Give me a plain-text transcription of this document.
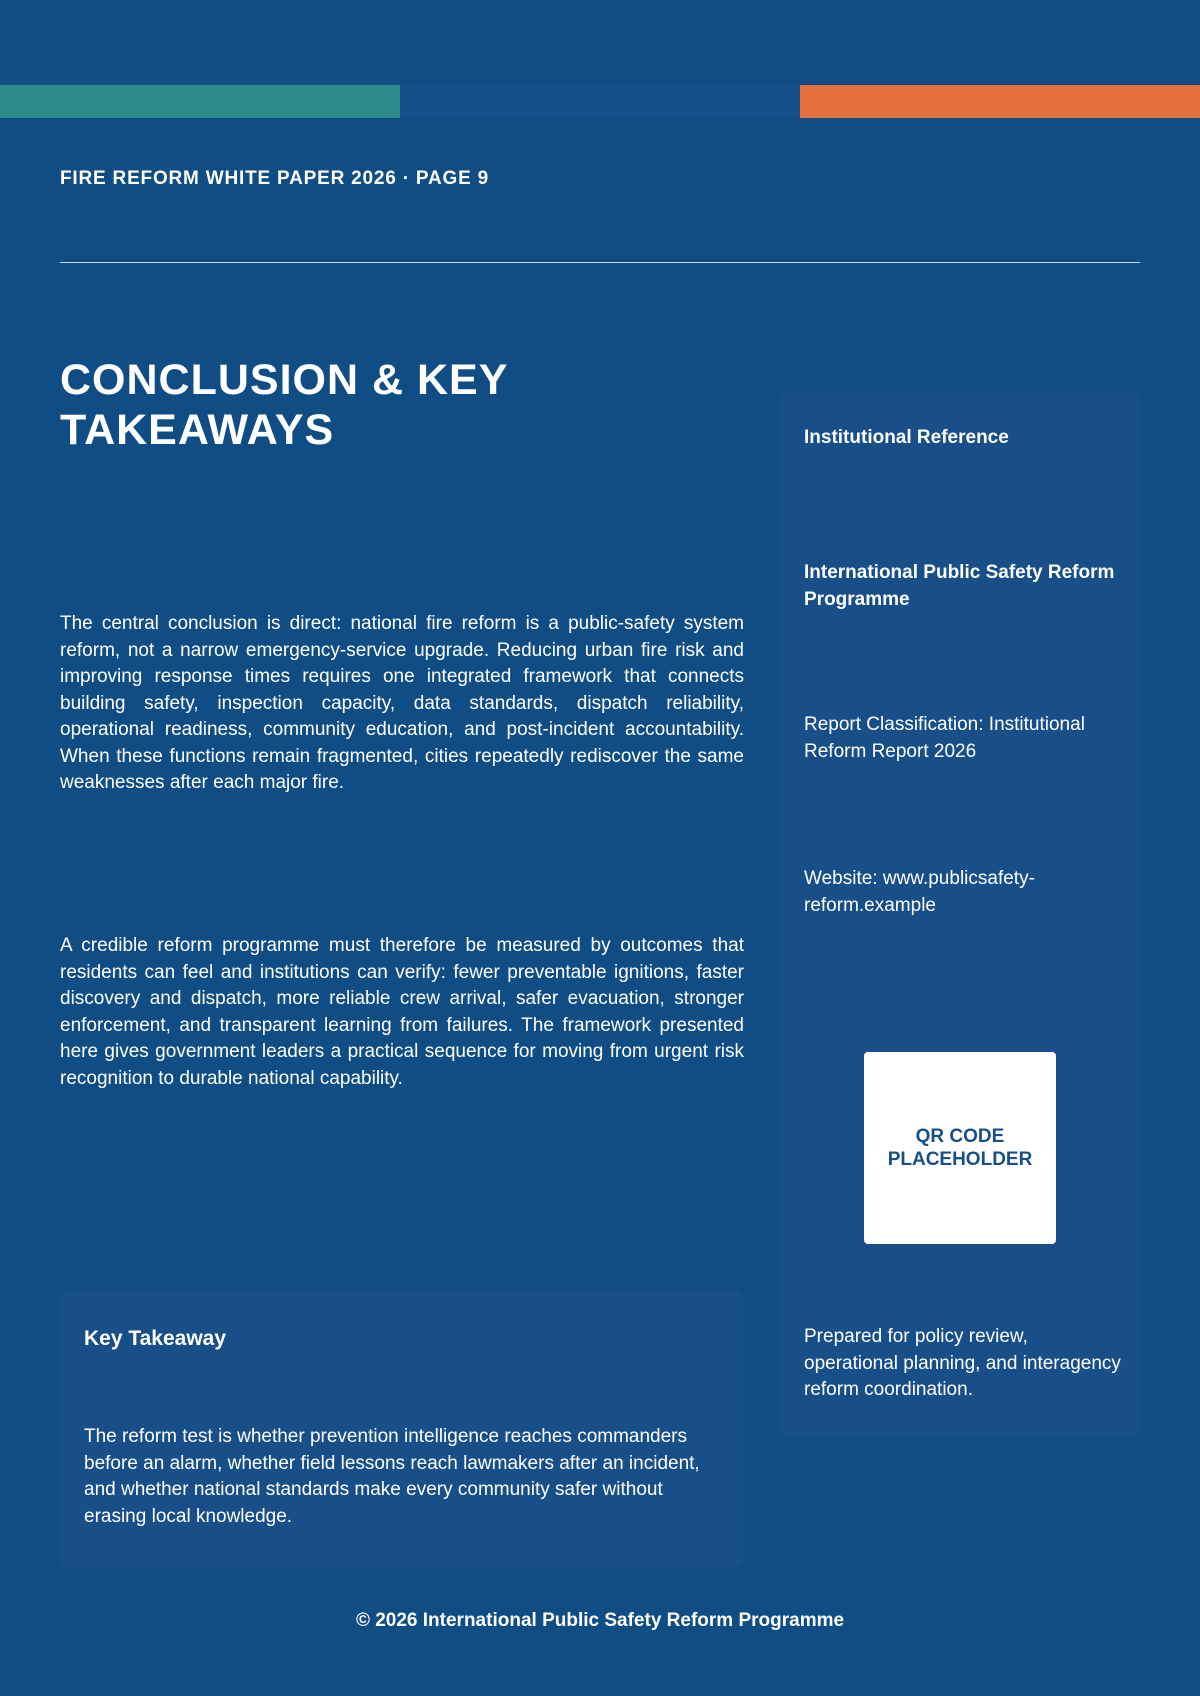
FIRE REFORM WHITE PAPER 2026 · PAGE 9
CONCLUSION & KEY TAKEAWAYS

The central conclusion is direct: national fire reform is a public-safety system reform, not a narrow emergency-service upgrade. Reducing urban fire risk and improving response times requires one integrated framework that connects building safety, inspection capacity, data standards, dispatch reliability, operational readiness, community education, and post-incident accountability. When these functions remain fragmented, cities repeatedly rediscover the same weaknesses after each major fire.

A credible reform programme must therefore be measured by outcomes that residents can feel and institutions can verify: fewer preventable ignitions, faster discovery and dispatch, more reliable crew arrival, safer evacuation, stronger enforcement, and transparent learning from failures. The framework presented here gives government leaders a practical sequence for moving from urgent risk recognition to durable national capability.

Key Takeaway

The reform test is whether prevention intelligence reaches commanders before an alarm, whether field lessons reach lawmakers after an incident, and whether national standards make every community safer without erasing local knowledge.

Institutional Reference

International Public Safety Reform Programme

Report Classification: Institutional Reform Report 2026

Website: www.publicsafety-reform.example

QR CODE
PLACEHOLDER

Prepared for policy review, operational planning, and interagency reform coordination.

© 2026 International Public Safety Reform Programme
